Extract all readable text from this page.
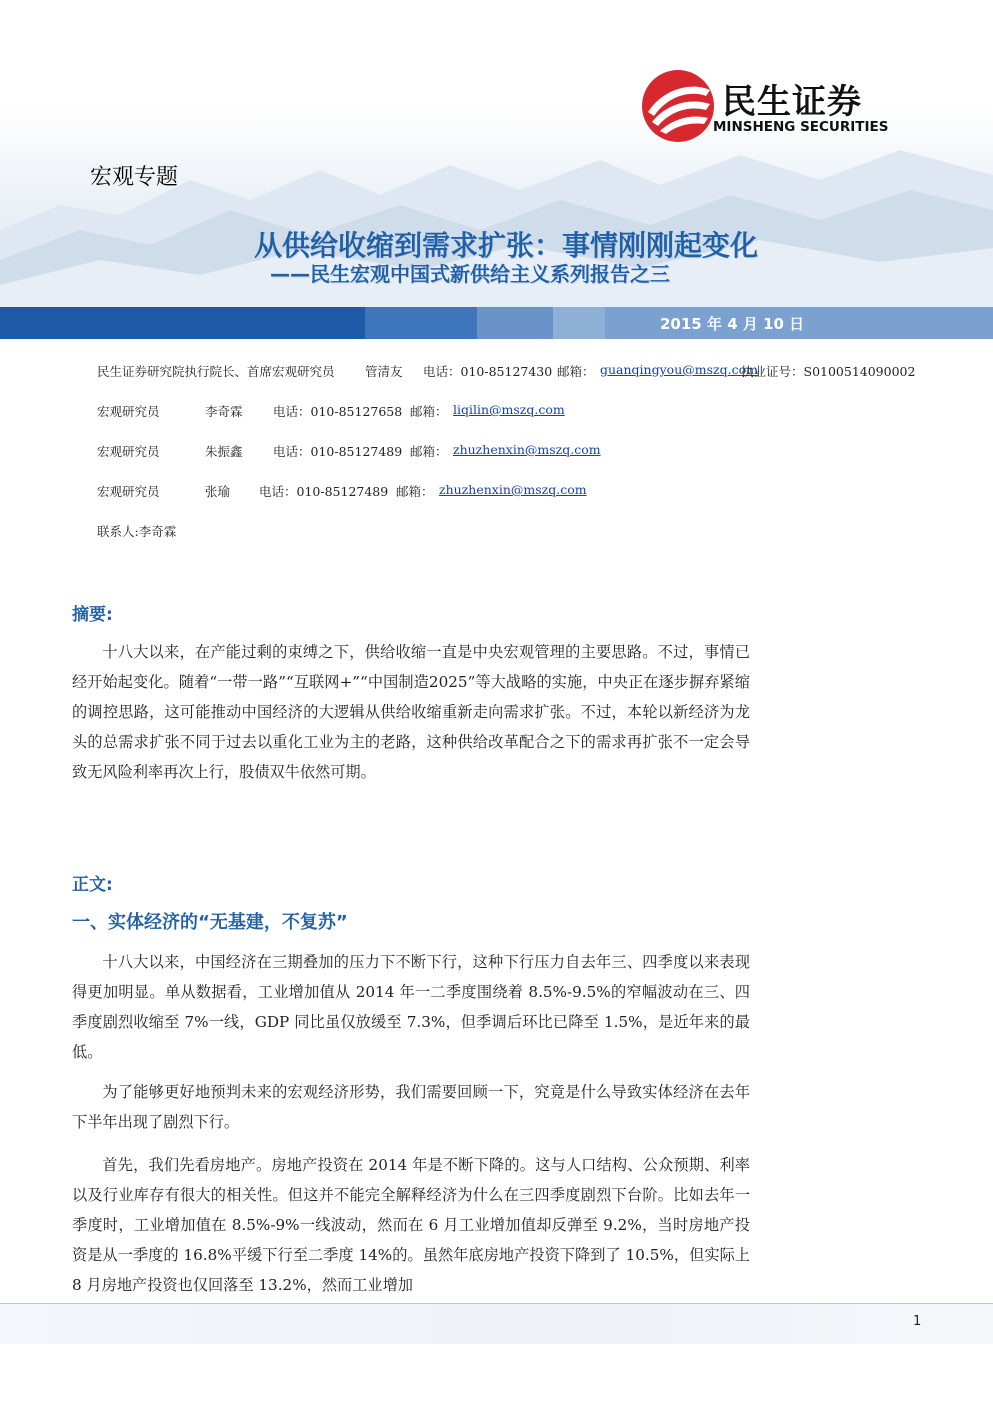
民生证券
MINSHENG SECURITIES
宏观专题
从供给收缩到需求扩张：事情刚刚起变化
——民生宏观中国式新供给主义系列报告之三
2015 年 4 月 10 日
民生证券研究院执行院长、首席宏观研究员 管清友 电话：010-85127430 邮箱： guanqingyou@mszq.com
执业证号：S0100514090002
宏观研究员	李奇霖 电话：010-85127658 邮箱： liqilin@mszq.com
宏观研究员	朱振鑫 电话：010-85127489 邮箱： zhuzhenxin@mszq.com
宏观研究员	张瑜 电话：010-85127489 邮箱： zhuzhenxin@mszq.com
联系人:李奇霖
摘要:

十八大以来，在产能过剩的束缚之下，供给收缩一直是中央宏观管理的主要思路。不过，事情已经开始起变化。随着“一带一路”“互联网+”“中国制造2025”等大战略的实施，中央正在逐步摒弃紧缩的调控思路，这可能推动中国经济的大逻辑从供给收缩重新走向需求扩张。不过，本轮以新经济为龙头的总需求扩张不同于过去以重化工业为主的老路，这种供给改革配合之下的需求再扩张不一定会导致无风险利率再次上行，股债双牛依然可期。

正文:
一、实体经济的“无基建，不复苏”

十八大以来，中国经济在三期叠加的压力下不断下行，这种下行压力自去年三、四季度以来表现得更加明显。单从数据看，工业增加值从 2014 年一二季度围绕着 8.5%-9.5%的窄幅波动在三、四季度剧烈收缩至 7%一线，GDP 同比虽仅放缓至 7.3%，但季调后环比已降至 1.5%，是近年来的最低。

为了能够更好地预判未来的宏观经济形势，我们需要回顾一下，究竟是什么导致实体经济在去年下半年出现了剧烈下行。

首先，我们先看房地产。房地产投资在 2014 年是不断下降的。这与人口结构、公众预期、利率以及行业库存有很大的相关性。但这并不能完全解释经济为什么在三四季度剧烈下台阶。比如去年一季度时，工业增加值在 8.5%-9%一线波动，然而在 6 月工业增加值却反弹至 9.2%，当时房地产投资是从一季度的 16.8%平缓下行至二季度 14%的。虽然年底房地产投资下降到了 10.5%，但实际上 8 月房地产投资也仅回落至 13.2%，然而工业增加

1
